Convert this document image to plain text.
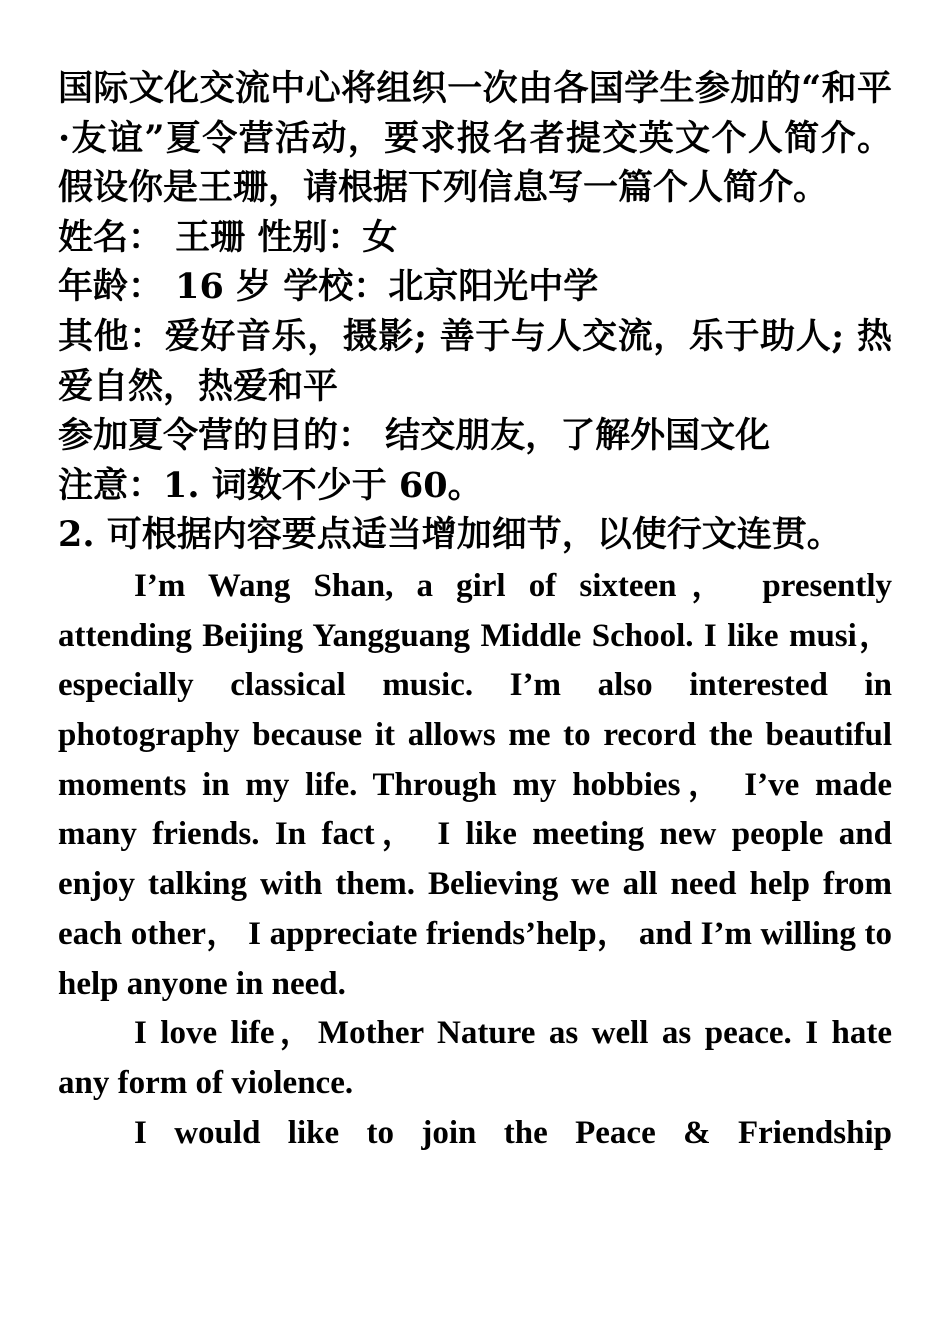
国际文化交流中心将组织一次由各国学生参加的“和平·友谊”夏令营活动，要求报名者提交英文个人简介。假设你是王珊，请根据下列信息写一篇个人简介。
姓名： 王珊 性别：女
年龄： 16 岁 学校：北京阳光中学
其他：爱好音乐，摄影; 善于与人交流，乐于助人; 热爱自然，热爱和平
参加夏令营的目的： 结交朋友，了解外国文化
注意：1. 词数不少于 60。
2. 可根据内容要点适当增加细节，以使行文连贯。

I’m Wang Shan, a girl of sixteen， presently attending Beijing Yangguang Middle School. I like musi，especially classical music. I’m also interested in photography because it allows me to record the beautiful moments in my life. Through my hobbies， I’ve made many friends. In fact， I like meeting new people and enjoy talking with them. Believing we all need help from each other， I appreciate friends’help， and I’m willing to help anyone in need.

I love life，Mother Nature as well as peace. I hate any form of violence.

I would like to join the Peace & Friendship
